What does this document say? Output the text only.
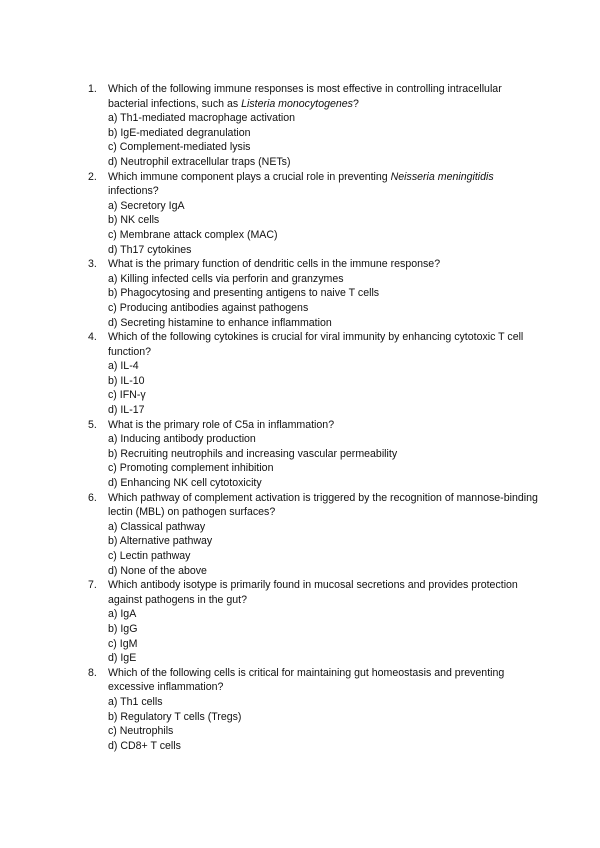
1. Which of the following immune responses is most effective in controlling intracellular bacterial infections, such as Listeria monocytogenes?
a) Th1-mediated macrophage activation
b) IgE-mediated degranulation
c) Complement-mediated lysis
d) Neutrophil extracellular traps (NETs)
2. Which immune component plays a crucial role in preventing Neisseria meningitidis infections?
a) Secretory IgA
b) NK cells
c) Membrane attack complex (MAC)
d) Th17 cytokines
3. What is the primary function of dendritic cells in the immune response?
a) Killing infected cells via perforin and granzymes
b) Phagocytosing and presenting antigens to naive T cells
c) Producing antibodies against pathogens
d) Secreting histamine to enhance inflammation
4. Which of the following cytokines is crucial for viral immunity by enhancing cytotoxic T cell function?
a) IL-4
b) IL-10
c) IFN-γ
d) IL-17
5. What is the primary role of C5a in inflammation?
a) Inducing antibody production
b) Recruiting neutrophils and increasing vascular permeability
c) Promoting complement inhibition
d) Enhancing NK cell cytotoxicity
6. Which pathway of complement activation is triggered by the recognition of mannose-binding lectin (MBL) on pathogen surfaces?
a) Classical pathway
b) Alternative pathway
c) Lectin pathway
d) None of the above
7. Which antibody isotype is primarily found in mucosal secretions and provides protection against pathogens in the gut?
a) IgA
b) IgG
c) IgM
d) IgE
8. Which of the following cells is critical for maintaining gut homeostasis and preventing excessive inflammation?
a) Th1 cells
b) Regulatory T cells (Tregs)
c) Neutrophils
d) CD8+ T cells
